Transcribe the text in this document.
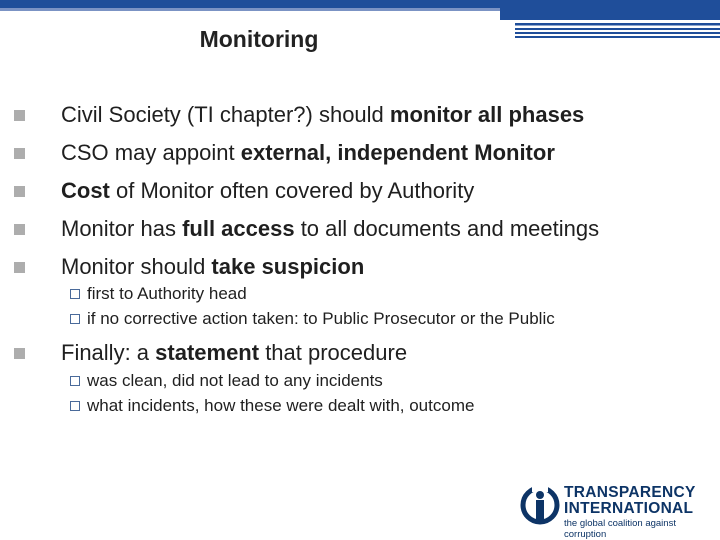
Monitoring
Civil Society (TI chapter?) should monitor all phases
CSO may appoint external, independent Monitor
Cost of Monitor often covered by Authority
Monitor has full access to all documents and meetings
Monitor should take suspicion
first to Authority head
if no corrective action taken: to Public Prosecutor or the Public
Finally: a statement that procedure
was clean, did not lead to any incidents
what incidents, how these were dealt with, outcome
TRANSPARENCY
INTERNATIONAL
the global coalition against corruption
